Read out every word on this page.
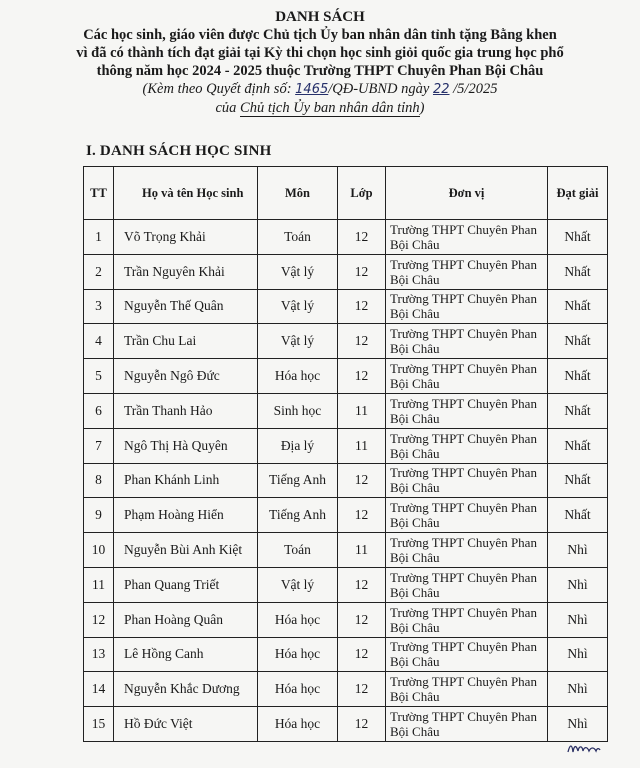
DANH SÁCH
Các học sinh, giáo viên được Chủ tịch Ủy ban nhân dân tỉnh tặng Bằng khen
vì đã có thành tích đạt giải tại Kỳ thi chọn học sinh giỏi quốc gia trung học phổ
thông năm học 2024 - 2025 thuộc Trường THPT Chuyên Phan Bội Châu
(Kèm theo Quyết định số: 1465/QĐ-UBND ngày 22 /5/2025
của Chủ tịch Ủy ban nhân dân tỉnh)
I. DANH SÁCH HỌC SINH
TT	Họ và tên Học sinh	Môn	Lớp	Đơn vị	Đạt giải
1	Võ Trọng Khải	Toán	12	Trường THPT Chuyên Phan Bội Châu	Nhất
2	Trần Nguyên Khải	Vật lý	12	Trường THPT Chuyên Phan Bội Châu	Nhất
3	Nguyễn Thế Quân	Vật lý	12	Trường THPT Chuyên Phan Bội Châu	Nhất
4	Trần Chu Lai	Vật lý	12	Trường THPT Chuyên Phan Bội Châu	Nhất
5	Nguyễn Ngô Đức	Hóa học	12	Trường THPT Chuyên Phan Bội Châu	Nhất
6	Trần Thanh Hảo	Sinh học	11	Trường THPT Chuyên Phan Bội Châu	Nhất
7	Ngô Thị Hà Quyên	Địa lý	11	Trường THPT Chuyên Phan Bội Châu	Nhất
8	Phan Khánh Linh	Tiếng Anh	12	Trường THPT Chuyên Phan Bội Châu	Nhất
9	Phạm Hoàng Hiển	Tiếng Anh	12	Trường THPT Chuyên Phan Bội Châu	Nhất
10	Nguyễn Bùi Anh Kiệt	Toán	11	Trường THPT Chuyên Phan Bội Châu	Nhì
11	Phan Quang Triết	Vật lý	12	Trường THPT Chuyên Phan Bội Châu	Nhì
12	Phan Hoàng Quân	Hóa học	12	Trường THPT Chuyên Phan Bội Châu	Nhì
13	Lê Hồng Canh	Hóa học	12	Trường THPT Chuyên Phan Bội Châu	Nhì
14	Nguyễn Khắc Dương	Hóa học	12	Trường THPT Chuyên Phan Bội Châu	Nhì
15	Hồ Đức Việt	Hóa học	12	Trường THPT Chuyên Phan Bội Châu	Nhì
